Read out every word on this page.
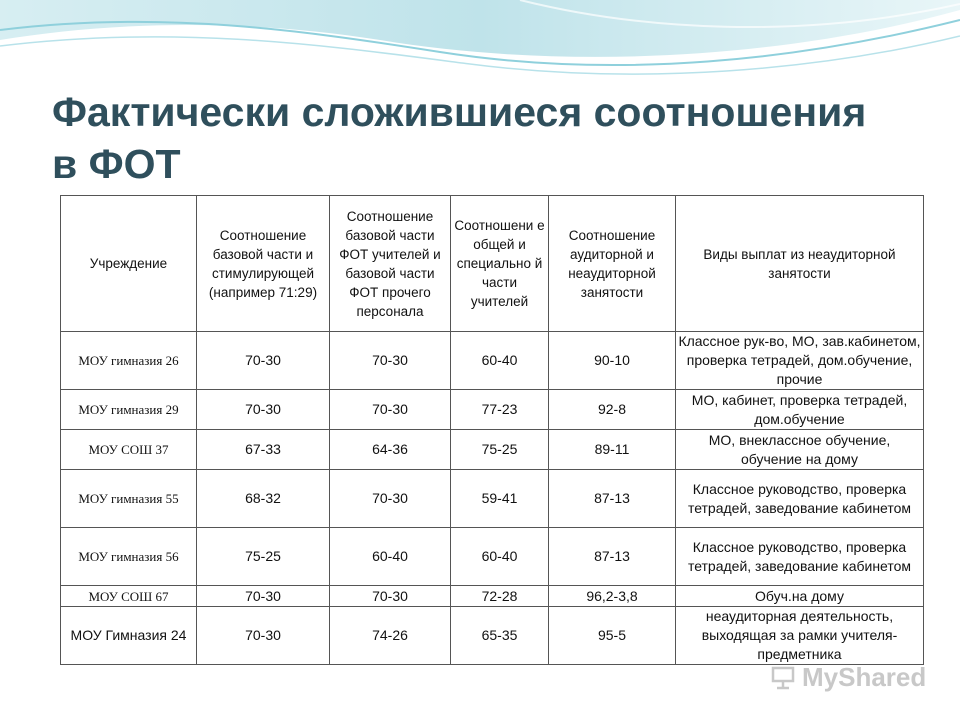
Фактически сложившиеся соотношения
в ФОТ
Учреждение	Соотношение базовой части и стимулирующей (например 71:29)	Соотношение базовой части ФОТ учителей и базовой части ФОТ прочего персонала	Соотношени е общей и специально й части учителей	Соотношение аудиторной и неаудиторной занятости	Виды выплат из неаудиторной занятости
МОУ гимназия 26	70-30	70-30	60-40	90-10	Классное рук-во, МО, зав.кабинетом, проверка тетрадей, дом.обучение, прочие
МОУ гимназия 29	70-30	70-30	77-23	92-8	МО, кабинет, проверка тетрадей, дом.обучение
МОУ СОШ 37	67-33	64-36	75-25	89-11	МО, внеклассное обучение, обучение на дому
МОУ гимназия 55	68-32	70-30	59-41	87-13	Классное руководство, проверка тетрадей, заведование кабинетом
МОУ гимназия 56	75-25	60-40	60-40	87-13	Классное руководство, проверка тетрадей, заведование кабинетом
МОУ СОШ 67	70-30	70-30	72-28	96,2-3,8	Обуч.на дому
МОУ Гимназия 24	70-30	74-26	65-35	95-5	неаудиторная деятельность, выходящая за рамки учителя-предметника
MyShared
